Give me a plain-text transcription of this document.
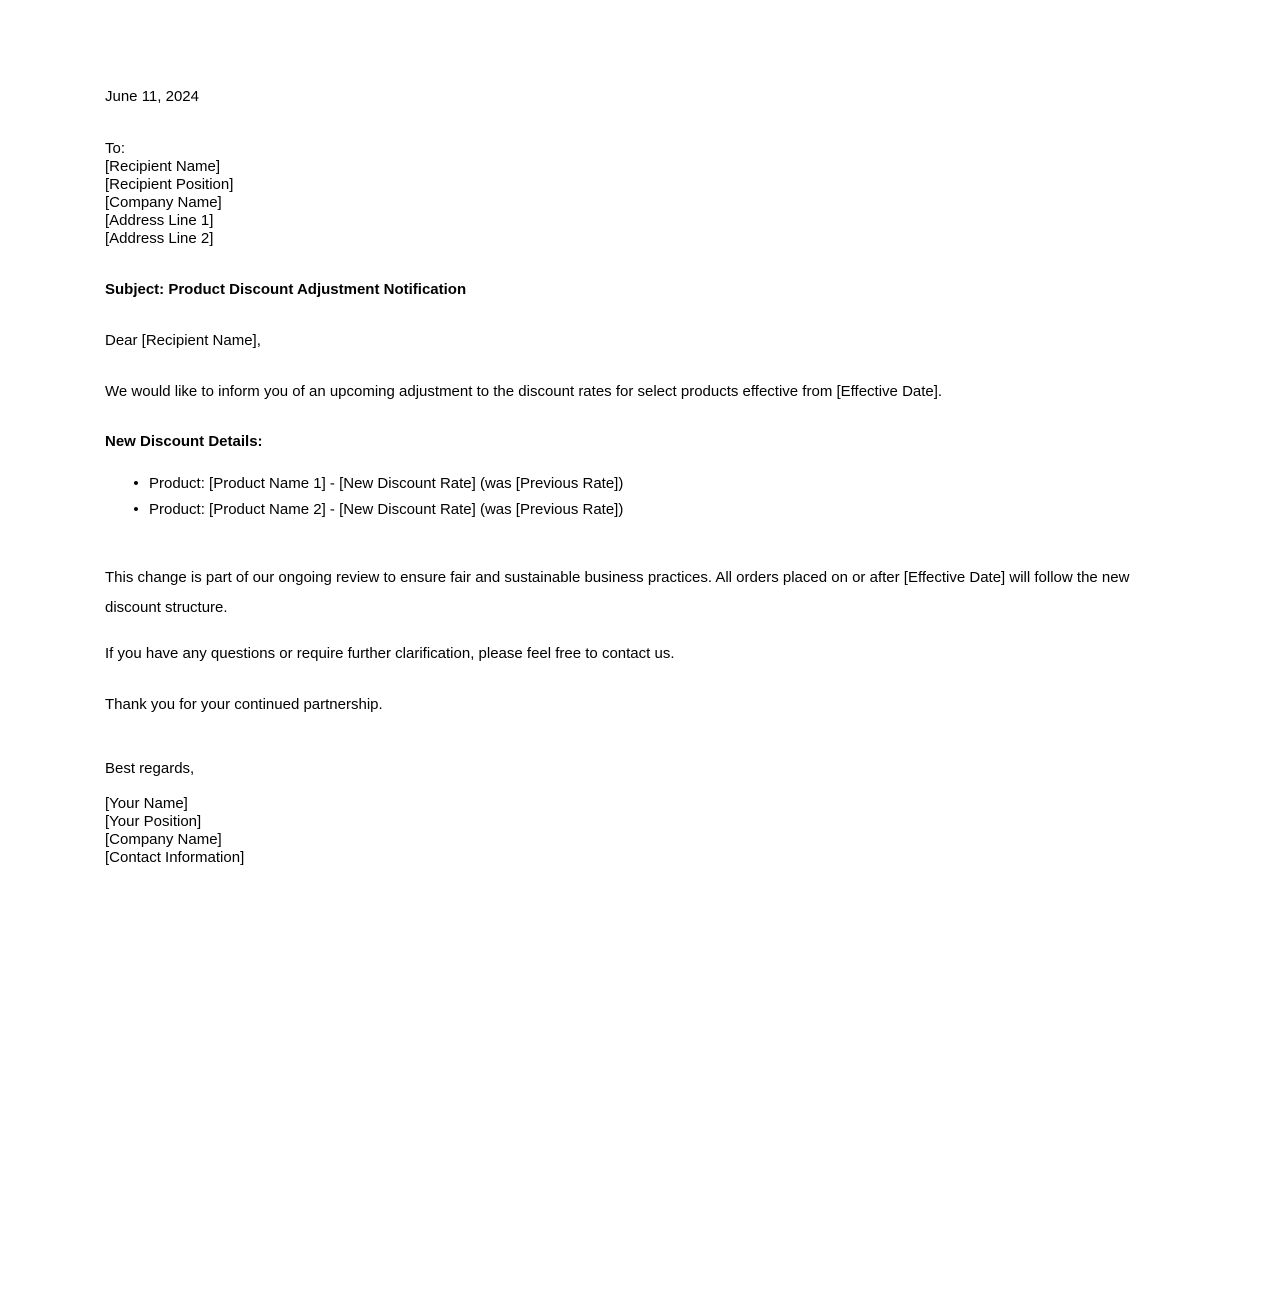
June 11, 2024

To:
[Recipient Name]
[Recipient Position]
[Company Name]
[Address Line 1]
[Address Line 2]

Subject: Product Discount Adjustment Notification

Dear [Recipient Name],

We would like to inform you of an upcoming adjustment to the discount rates for select products effective from [Effective Date].

New Discount Details:

• Product: [Product Name 1] - [New Discount Rate] (was [Previous Rate])
• Product: [Product Name 2] - [New Discount Rate] (was [Previous Rate])

This change is part of our ongoing review to ensure fair and sustainable business practices. All orders placed on or after [Effective Date] will follow the new discount structure.

If you have any questions or require further clarification, please feel free to contact us.

Thank you for your continued partnership.

Best regards,

[Your Name]
[Your Position]
[Company Name]
[Contact Information]
